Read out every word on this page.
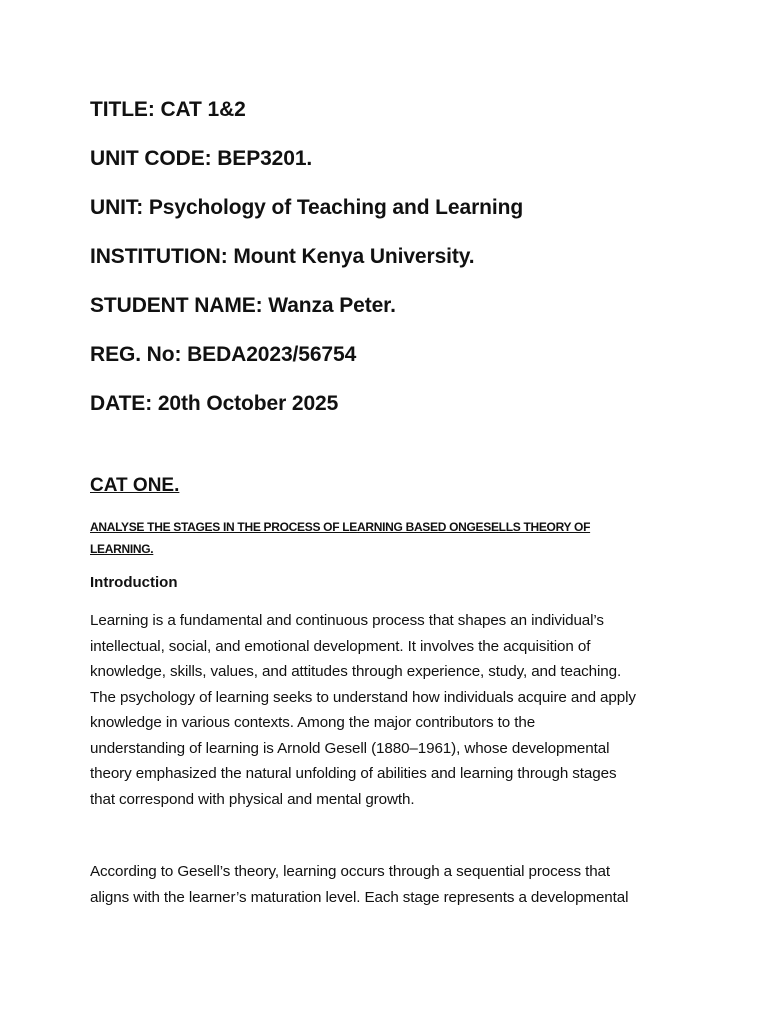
TITLE: CAT 1&2
UNIT CODE: BEP3201.
UNIT: Psychology of Teaching and Learning
INSTITUTION: Mount Kenya University.
STUDENT NAME: Wanza Peter.
REG. No: BEDA2023/56754
DATE: 20th October 2025
CAT ONE.
ANALYSE THE STAGES IN THE PROCESS OF LEARNING BASED ONGESELLS THEORY OF LEARNING.
Introduction
Learning is a fundamental and continuous process that shapes an individual’s
intellectual, social, and emotional development. It involves the acquisition of
knowledge, skills, values, and attitudes through experience, study, and teaching.
The psychology of learning seeks to understand how individuals acquire and apply
knowledge in various contexts. Among the major contributors to the
understanding of learning is Arnold Gesell (1880–1961), whose developmental
theory emphasized the natural unfolding of abilities and learning through stages
that correspond with physical and mental growth.
According to Gesell’s theory, learning occurs through a sequential process that
aligns with the learner’s maturation level. Each stage represents a developmental
